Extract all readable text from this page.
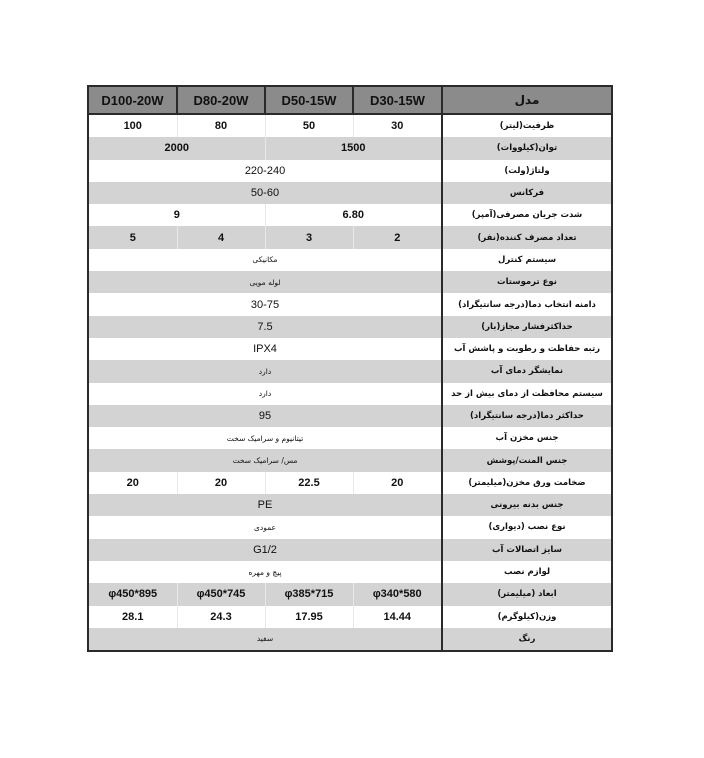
D100-20W	D80-20W	D50-15W	D30-15W	مدل
100	80	50	30	ظرفیت(لیتر)
2000		1500		توان(کیلووات)
220-240				ولتاژ(ولت)
50-60				فرکانس
9		6.80		شدت جریان مصرفی(آمپر)
5	4	3	2	تعداد مصرف کننده(نفر)
مکانیکی				سیستم کنترل
لوله مویی				نوع ترموستات
30-75				دامنه انتخاب دما(درجه سانتیگراد)
7.5				حداکثرفشار مجاز(بار)
IPX4				رتبه حفاظت و رطوبت و پاشش آب
دارد				نمایشگر دمای آب
دارد				سیستم محافظت از دمای بیش از حد
95				حداکثر دما(درجه سانتیگراد)
تیتانیوم و سرامیک سخت				جنس مخزن آب
مس/ سرامیک سخت				جنس المنت/پوشش
20	20	22.5	20	ضخامت ورق مخزن(میلیمتر)
PE				جنس بدنه بیرونی
عمودی				نوع نصب (دیواری)
G1/2				سایز اتصالات آب
پیچ و مهره				لوازم نصب
φ450*895	φ450*745	φ385*715	φ340*580	ابعاد (میلیمتر)
28.1	24.3	17.95	14.44	وزن(کیلوگرم)
سفید				رنگ
